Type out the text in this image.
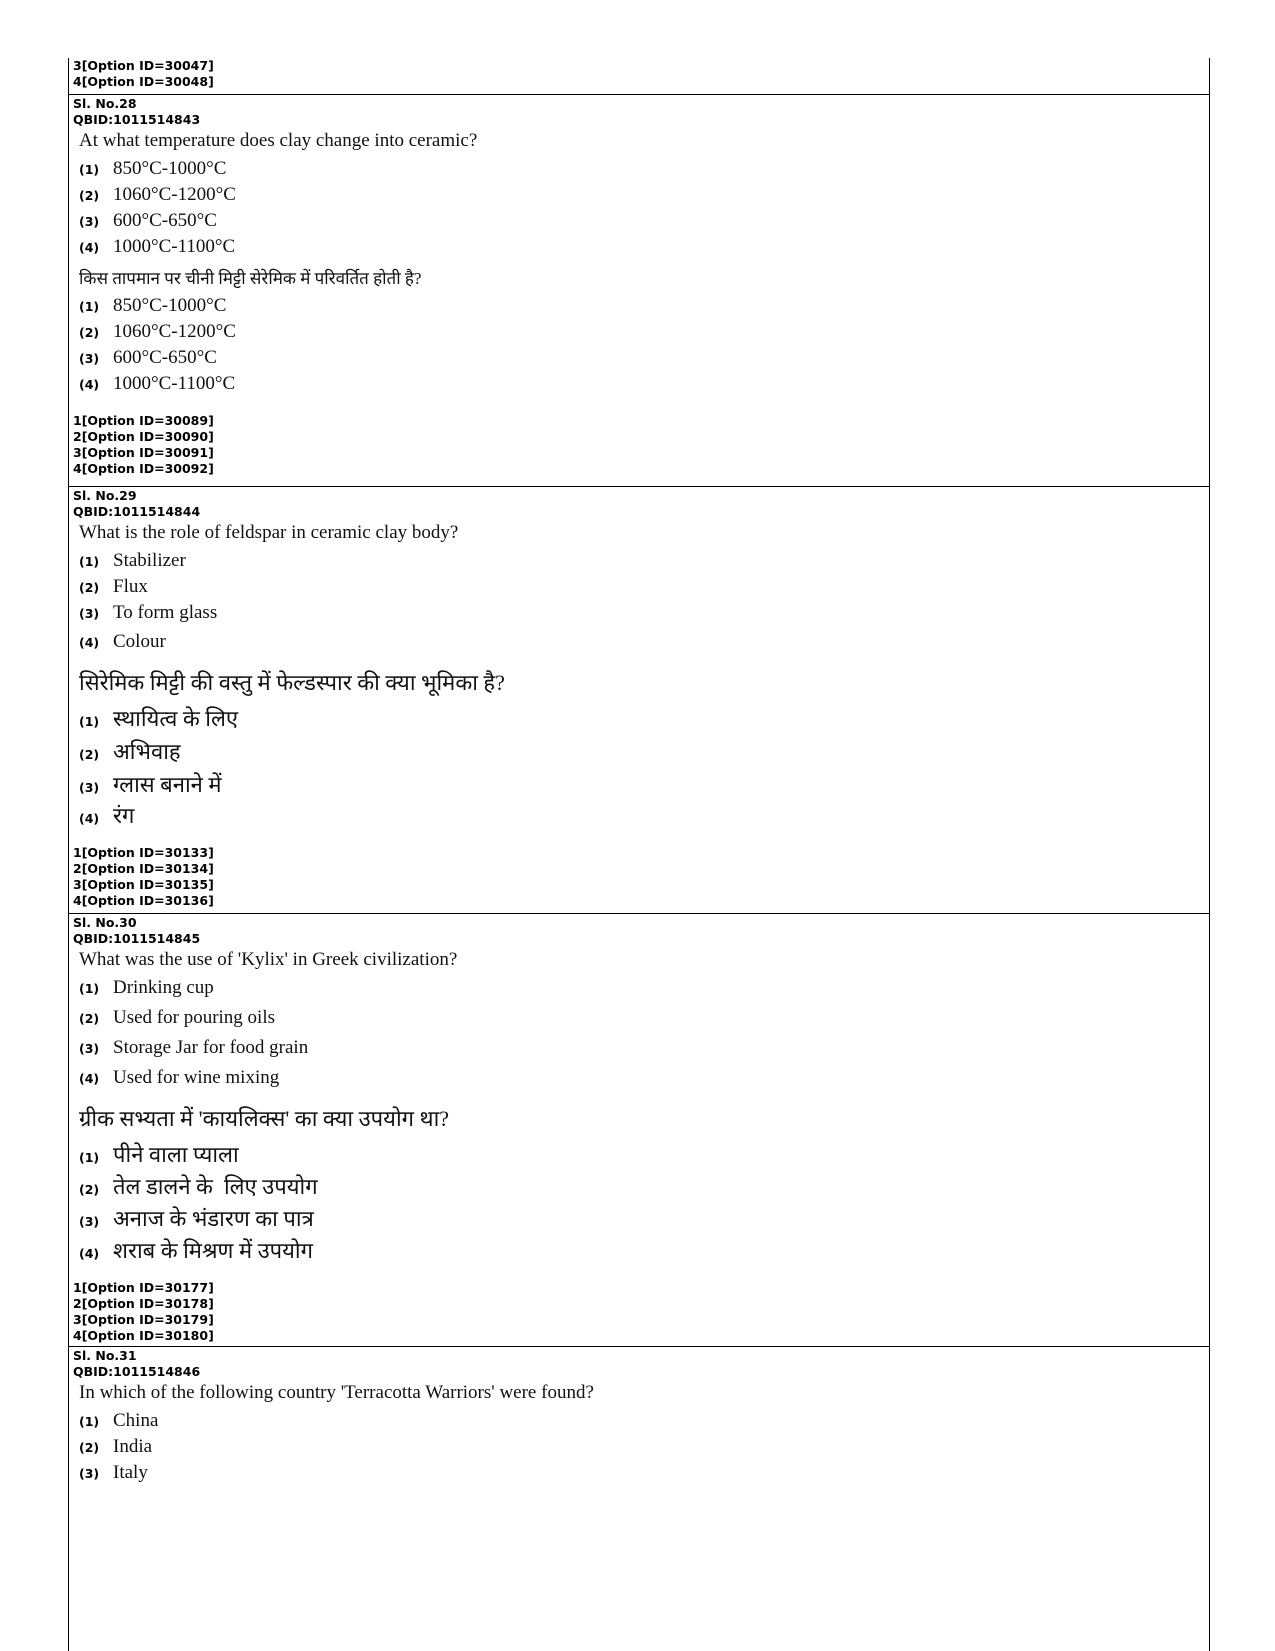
3[Option ID=30047]
4[Option ID=30048]
Sl. No.28
QBID:1011514843
At what temperature does clay change into ceramic?
(1) 850°C-1000°C
(2) 1060°C-1200°C
(3) 600°C-650°C
(4) 1000°C-1100°C
किस तापमान पर चीनी मिट्टी सेरेमिक में परिवर्तित होती है?
(1) 850°C-1000°C
(2) 1060°C-1200°C
(3) 600°C-650°C
(4) 1000°C-1100°C
1[Option ID=30089]
2[Option ID=30090]
3[Option ID=30091]
4[Option ID=30092]
Sl. No.29
QBID:1011514844
What is the role of feldspar in ceramic clay body?
(1) Stabilizer
(2) Flux
(3) To form glass
(4) Colour
सिरेमिक मिट्टी की वस्तु में फेल्डस्पार की क्या भूमिका है?
(1) स्थायित्व के लिए
(2) अभिवाह
(3) ग्लास बनाने में
(4) रंग
1[Option ID=30133]
2[Option ID=30134]
3[Option ID=30135]
4[Option ID=30136]
Sl. No.30
QBID:1011514845
What was the use of 'Kylix' in Greek civilization?
(1) Drinking cup
(2) Used for pouring oils
(3) Storage Jar for food grain
(4) Used for wine mixing
ग्रीक सभ्यता में 'कायलिक्स' का क्या उपयोग था?
(1) पीने वाला प्याला
(2) तेल डालने के  लिए उपयोग
(3) अनाज के भंडारण का पात्र
(4) शराब के मिश्रण में उपयोग
1[Option ID=30177]
2[Option ID=30178]
3[Option ID=30179]
4[Option ID=30180]
Sl. No.31
QBID:1011514846
In which of the following country 'Terracotta Warriors' were found?
(1) China
(2) India
(3) Italy
